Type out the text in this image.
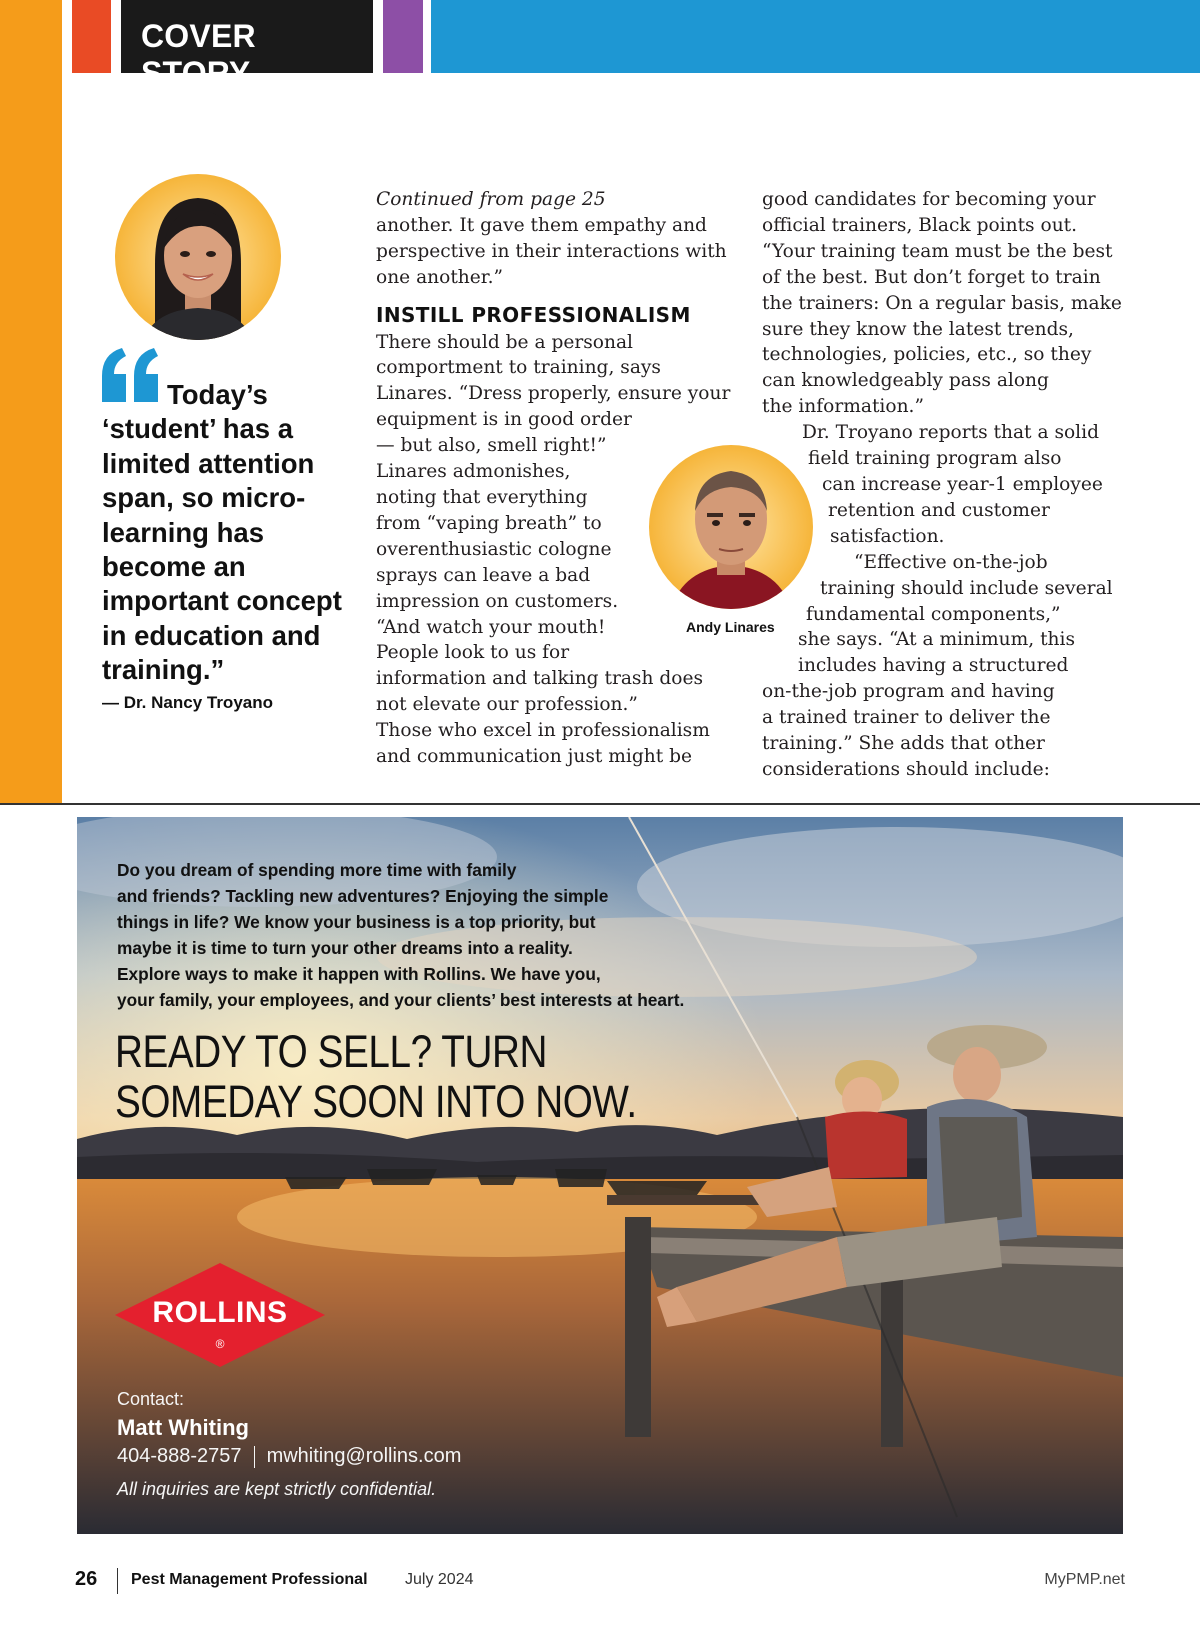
COVER STORY
Today’s ‘student’ has a limited attention span, so micro-learning has become an important concept in education and training.”
— Dr. Nancy Troyano
Continued from page 25
another. It gave them empathy and
perspective in their interactions with
one another.”
INSTILL PROFESSIONALISM
There should be a personal
comportment to training, says
Linares. “Dress properly, ensure your
equipment is in good order
— but also, smell right!”
Linares admonishes,
noting that everything
from “vaping breath” to
overenthusiastic cologne
sprays can leave a bad
impression on customers.
“And watch your mouth!
People look to us for
information and talking trash does
not elevate our profession.”
Those who excel in professionalism
and communication just might be
Andy Linares
good candidates for becoming your
official trainers, Black points out.
“Your training team must be the best
of the best. But don’t forget to train
the trainers: On a regular basis, make
sure they know the latest trends,
technologies, policies, etc., so they
can knowledgeably pass along
the information.”
Dr. Troyano reports that a solid
field training program also
can increase year-1 employee
retention and customer
satisfaction.
“Effective on-the-job
training should include several
fundamental components,”
she says. “At a minimum, this
includes having a structured
on-the-job program and having
a trained trainer to deliver the
training.” She adds that other
considerations should include:
Do you dream of spending more time with family
and friends? Tackling new adventures? Enjoying the simple
things in life? We know your business is a top priority, but
maybe it is time to turn your other dreams into a reality.
Explore ways to make it happen with Rollins. We have you,
your family, your employees, and your clients’ best interests at heart.
READY TO SELL? TURN
SOMEDAY SOON INTO NOW.
ROLLINS
®
Contact:
Matt Whiting
404-888-2757 mwhiting@rollins.com
All inquiries are kept strictly confidential.
26 Pest Management Professional July 2024	MyPMP.net
